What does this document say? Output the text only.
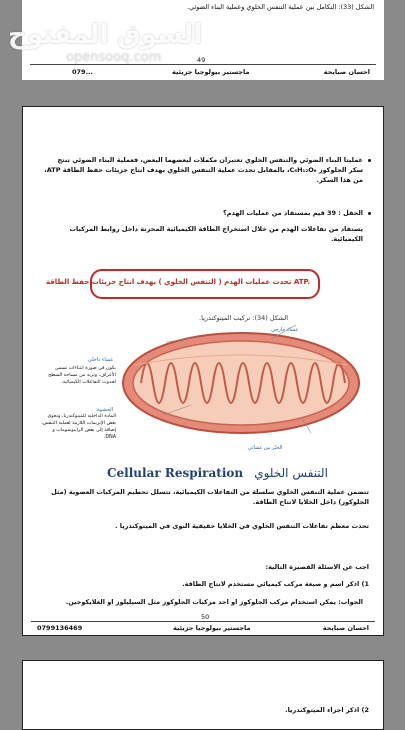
الشكل (33): التكامل بين عملية التنفس الخلوي وعملية البناء الضوئي.
49
احسان صبايحة
ماجستير بيولوجيا جزيئية
079...
السوق المفتوح
opensooq.com
عمليتا البناء الضوئي والتنفس الخلوي تعتبران مكملات لبعضهما البعض، فعملية البناء الضوئي تنتج سكر الجلوكوز C₆H₁₂O₆، بالمقابل تحدث عملية التنفس الخلوي بهدف انتاج جزيئات حفظ الطاقة ATP، من هذا السكر.
الحقل : 39 قيم بمستقاد من عمليات الهدم؟
يستفاد من تفاعلات الهدم من خلال استخراج الطاقة الكيميائية المخزنة داخل روابط المركبات الكيميائية.
تحدث عمليات الهدم ( التنفس الخلوي ) بهدف انتاج جزيئات حفظ الطاقة ATP.
الشكل (34): تركيب الميتوكندريا.
غشاء خارجي
غشاء داخلي
يكون في صورة انثناءات تسمى الأعراف، وتزيد من مساحة السطح لحدوث التفاعلات الكيميائية.
الحشوة:
المادة الداخلية للميتوكندريا، وتحوي بعض الإنزيمات اللازمة لعملية التنفس، إضافة إلى بعض الرايبوسومات و DNA.
الحيّز بين غشائي
Cellular Respiration التنفس الخلوي
تتضمن عملية التنفس الخلوي سلسلة من التفاعلات الكيميائية، تتسلل تحطيم المركبات العضوية (مثل الجلوكوز) داخل الخلايا لانتاج الطاقة.
تحدث معظم تفاعلات التنفس الخلوي في الخلايا حقيقية النوى في الميتوكندريا .
اجب عن الاسئلة القصيرة التالية:
1) اذكر اسم و صيغة مركب كيميائي مستخدم لانتاج الطاقة.
الجواب: يمكن استخدام مركب الجلوكوز او احد مركبات الجلوكوز مثل السيليلوز او الغلايكوجين.
50
احسان صبايحة
ماجستير بيولوجيا جزيئية
0799136469
2) اذكر اجزاء الميتوكندريا.
